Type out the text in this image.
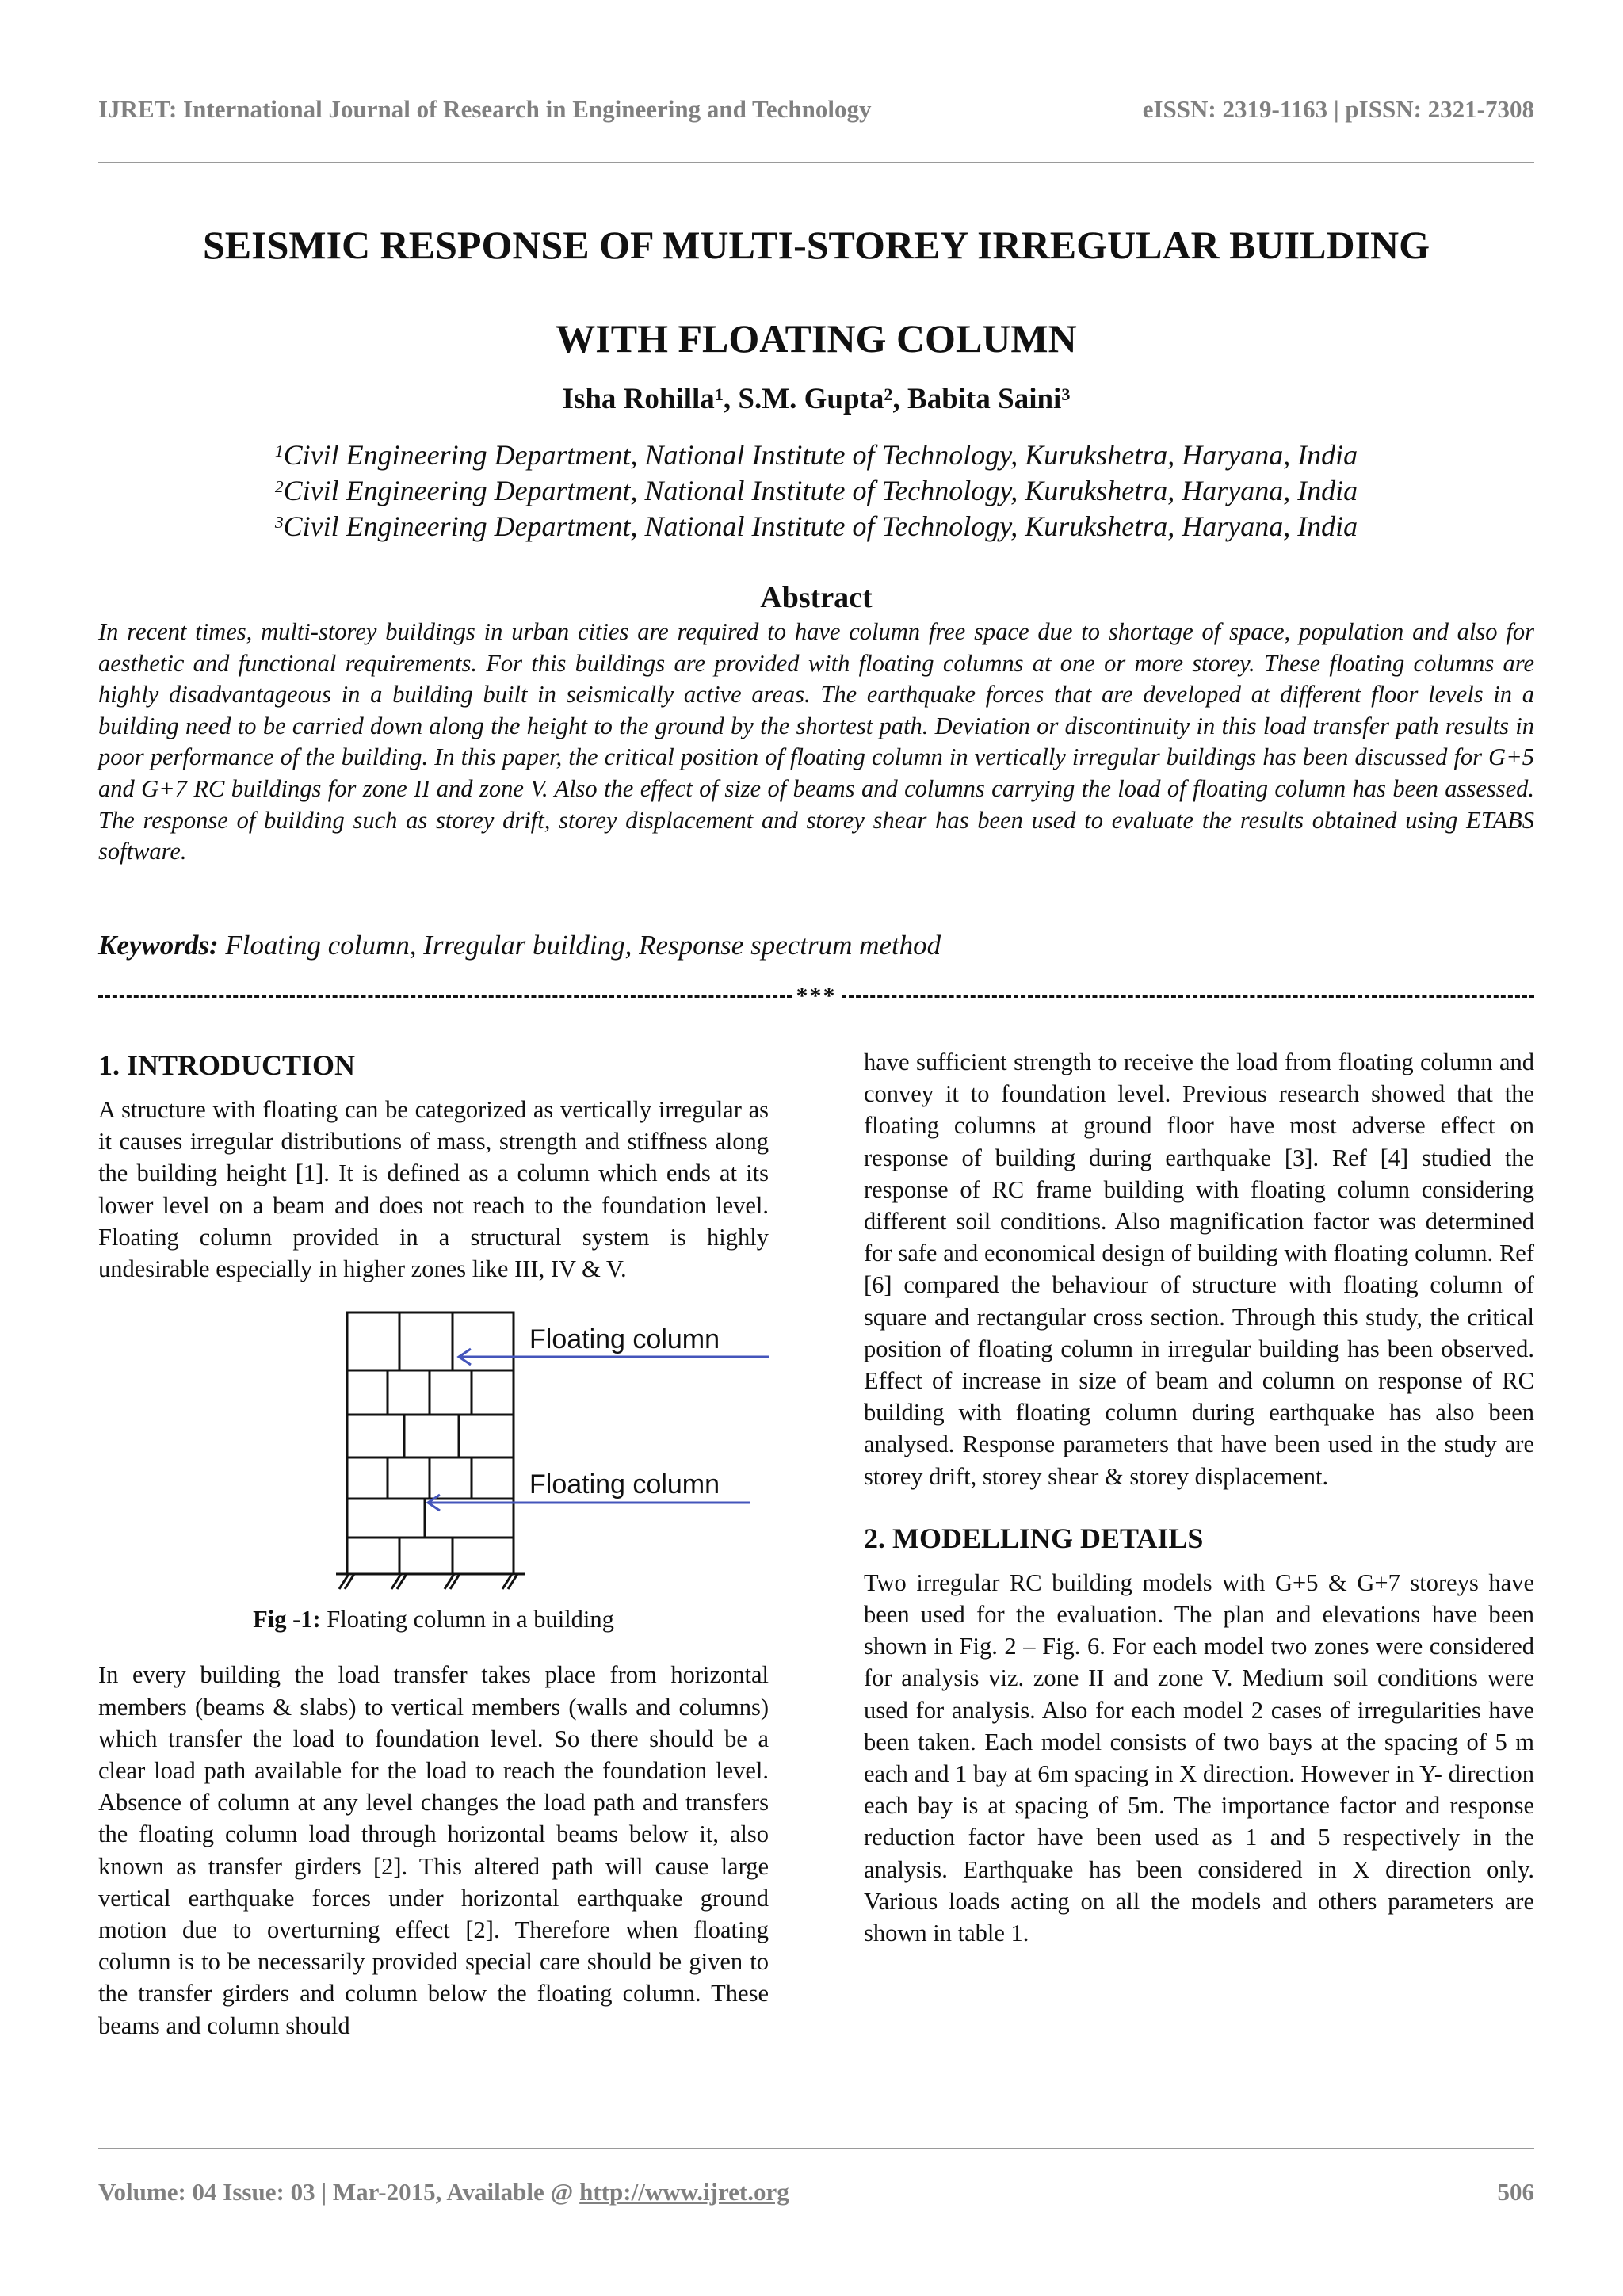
IJRET: International Journal of Research in Engineering and Technology	eISSN: 2319-1163 | pISSN: 2321-7308
SEISMIC RESPONSE OF MULTI-STOREY IRREGULAR BUILDING
WITH FLOATING COLUMN
Isha Rohilla$^1$, S.M. Gupta$^2$, Babita Saini$^3$
$^1$Civil Engineering Department, National Institute of Technology, Kurukshetra, Haryana, India
$^2$Civil Engineering Department, National Institute of Technology, Kurukshetra, Haryana, India
$^3$Civil Engineering Department, National Institute of Technology, Kurukshetra, Haryana, India
Abstract
In recent times, multi-storey buildings in urban cities are required to have column free space due to shortage of space, population and also for aesthetic and functional requirements. For this buildings are provided with floating columns at one or more storey. These floating columns are highly disadvantageous in a building built in seismically active areas. The earthquake forces that are developed at different floor levels in a building need to be carried down along the height to the ground by the shortest path. Deviation or discontinuity in this load transfer path results in poor performance of the building. In this paper, the critical position of floating column in vertically irregular buildings has been discussed for G+5 and G+7 RC buildings for zone II and zone V. Also the effect of size of beams and columns carrying the load of floating column has been assessed. The response of building such as storey drift, storey displacement and storey shear has been used to evaluate the results obtained using ETABS software.
Keywords: Floating column, Irregular building, Response spectrum method
***
1. INTRODUCTION

A structure with floating can be categorized as vertically irregular as it causes irregular distributions of mass, strength and stiffness along the building height [1]. It is defined as a column which ends at its lower level on a beam and does not reach to the foundation level. Floating column provided in a structural system is highly undesirable especially in higher zones like III, IV & V.

Floating column
Floating column
Fig -1: Floating column in a building

In every building the load transfer takes place from horizontal members (beams & slabs) to vertical members (walls and columns) which transfer the load to foundation level. So there should be a clear load path available for the load to reach the foundation level. Absence of column at any level changes the load path and transfers the floating column load through horizontal beams below it, also known as transfer girders [2]. This altered path will cause large vertical earthquake forces under horizontal earthquake ground motion due to overturning effect [2]. Therefore when floating column is to be necessarily provided special care should be given to the transfer girders and column below the floating column. These beams and column should

have sufficient strength to receive the load from floating column and convey it to foundation level. Previous research showed that the floating columns at ground floor have most adverse effect on response of building during earthquake [3]. Ref [4] studied the response of RC frame building with floating column considering different soil conditions. Also magnification factor was determined for safe and economical design of building with floating column. Ref [6] compared the behaviour of structure with floating column of square and rectangular cross section. Through this study, the critical position of floating column in irregular building has been observed. Effect of increase in size of beam and column on response of RC building with floating column during earthquake has also been analysed. Response parameters that have been used in the study are storey drift, storey shear & storey displacement.

2. MODELLING DETAILS

Two irregular RC building models with G+5 & G+7 storeys have been used for the evaluation. The plan and elevations have been shown in Fig. 2 – Fig. 6. For each model two zones were considered for analysis viz. zone II and zone V. Medium soil conditions were used for analysis. Also for each model 2 cases of irregularities have been taken. Each model consists of two bays at the spacing of 5 m each and 1 bay at 6m spacing in X direction. However in Y- direction each bay is at spacing of 5m. The importance factor and response reduction factor have been used as 1 and 5 respectively in the analysis. Earthquake has been considered in X direction only. Various loads acting on all the models and others parameters are shown in table 1.

Volume: 04 Issue: 03 | Mar-2015, Available @ http://www.ijret.org	506
